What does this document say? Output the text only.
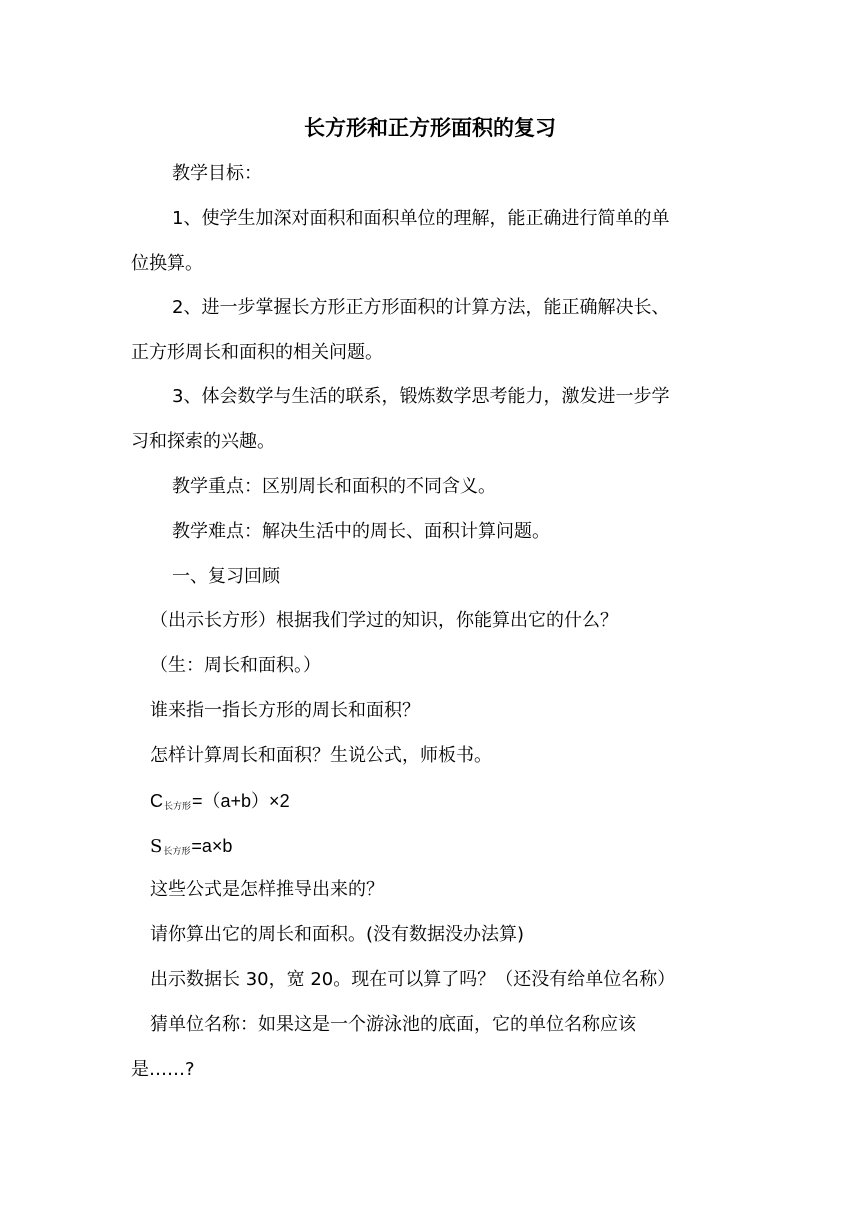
长方形和正方形面积的复习
教学目标：
1、使学生加深对面积和面积单位的理解，能正确进行简单的单
位换算。
2、进一步掌握长方形正方形面积的计算方法，能正确解决长、
正方形周长和面积的相关问题。
3、体会数学与生活的联系，锻炼数学思考能力，激发进一步学
习和探索的兴趣。
教学重点：区别周长和面积的不同含义。
教学难点：解决生活中的周长、面积计算问题。
一、复习回顾
（出示长方形）根据我们学过的知识，你能算出它的什么？
（生：周长和面积。）
谁来指一指长方形的周长和面积？
怎样计算周长和面积？生说公式，师板书。
$C_{长方形}=(a+b)\times 2$
$S_{长方形}=a\times b$
这些公式是怎样推导出来的？
请你算出它的周长和面积。(没有数据没办法算)
出示数据长 30，宽 20。现在可以算了吗？（还没有给单位名称）
猜单位名称：如果这是一个游泳池的底面，它的单位名称应该
是……?
